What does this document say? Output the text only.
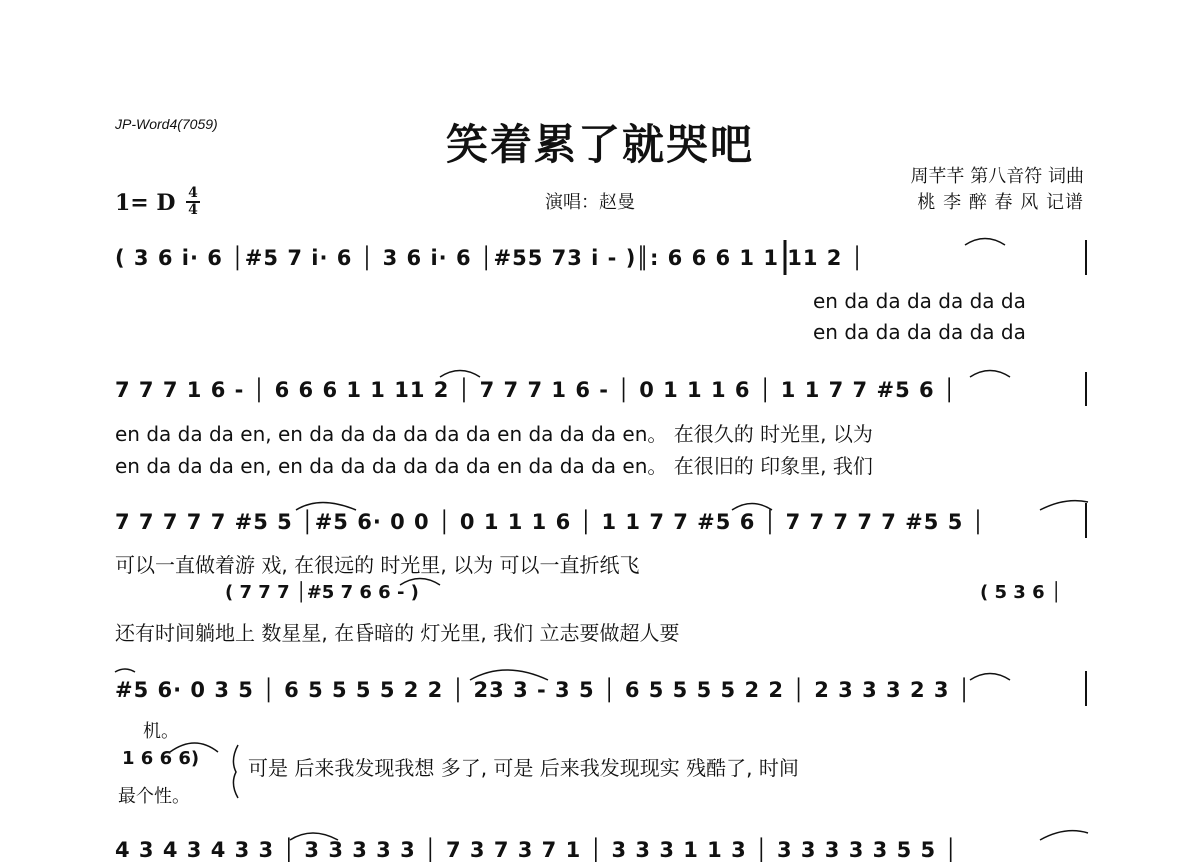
JP-Word4(7059)	笑着累了就哭吧
周芊芊 第八音符 词曲
桃 李 醉 春 风 记谱
演唱：赵曼
1= D 4
4
( 3 6 i· 6 │#5 7 i· 6 │ 3 6 i· 6 │#55 73 i - )║: 6 6 6 1 1 11 2 │
en da da da da da da
en da da da da da da
7 7 7 1 6 - │ 6 6 6 1 1 11 2 │ 7 7 7 1 6 - │ 0 1 1 1 6 │ 1 1 7 7 #5 6 │
en da da da en, en da da da da da da en da da da en。 在很久的 时光里, 以为
en da da da en, en da da da da da da en da da da en。 在很旧的 印象里, 我们
7 7 7 7 7 #5 5 │#5 6· 0 0 │ 0 1 1 1 6 │ 1 1 7 7 #5 6 │ 7 7 7 7 7 #5 5 │
可以一直做着游 戏, 在很远的 时光里, 以为 可以一直折纸飞
( 7 7 7 │#5 7 6 6 - )	( 5 3 6 │
还有时间躺地上 数星星, 在昏暗的 灯光里, 我们 立志要做超人要
#5 6· 0 3 5 │ 6 5 5 5 5 2 2 │ 23 3 - 3 5 │ 6 5 5 5 5 2 2 │ 2 3 3 3 2 3 │
机。
1 6 6 6) 可是 后来我发现我想 多了, 可是 后来我发现现实 残酷了, 时间
最个性。
4 3 4 3 4 3 3 │ 3 3 3 3 3 │ 7 3 7 3 7 1 │ 3 3 3 1 1 3 │ 3 3 3 3 3 5 5 │
